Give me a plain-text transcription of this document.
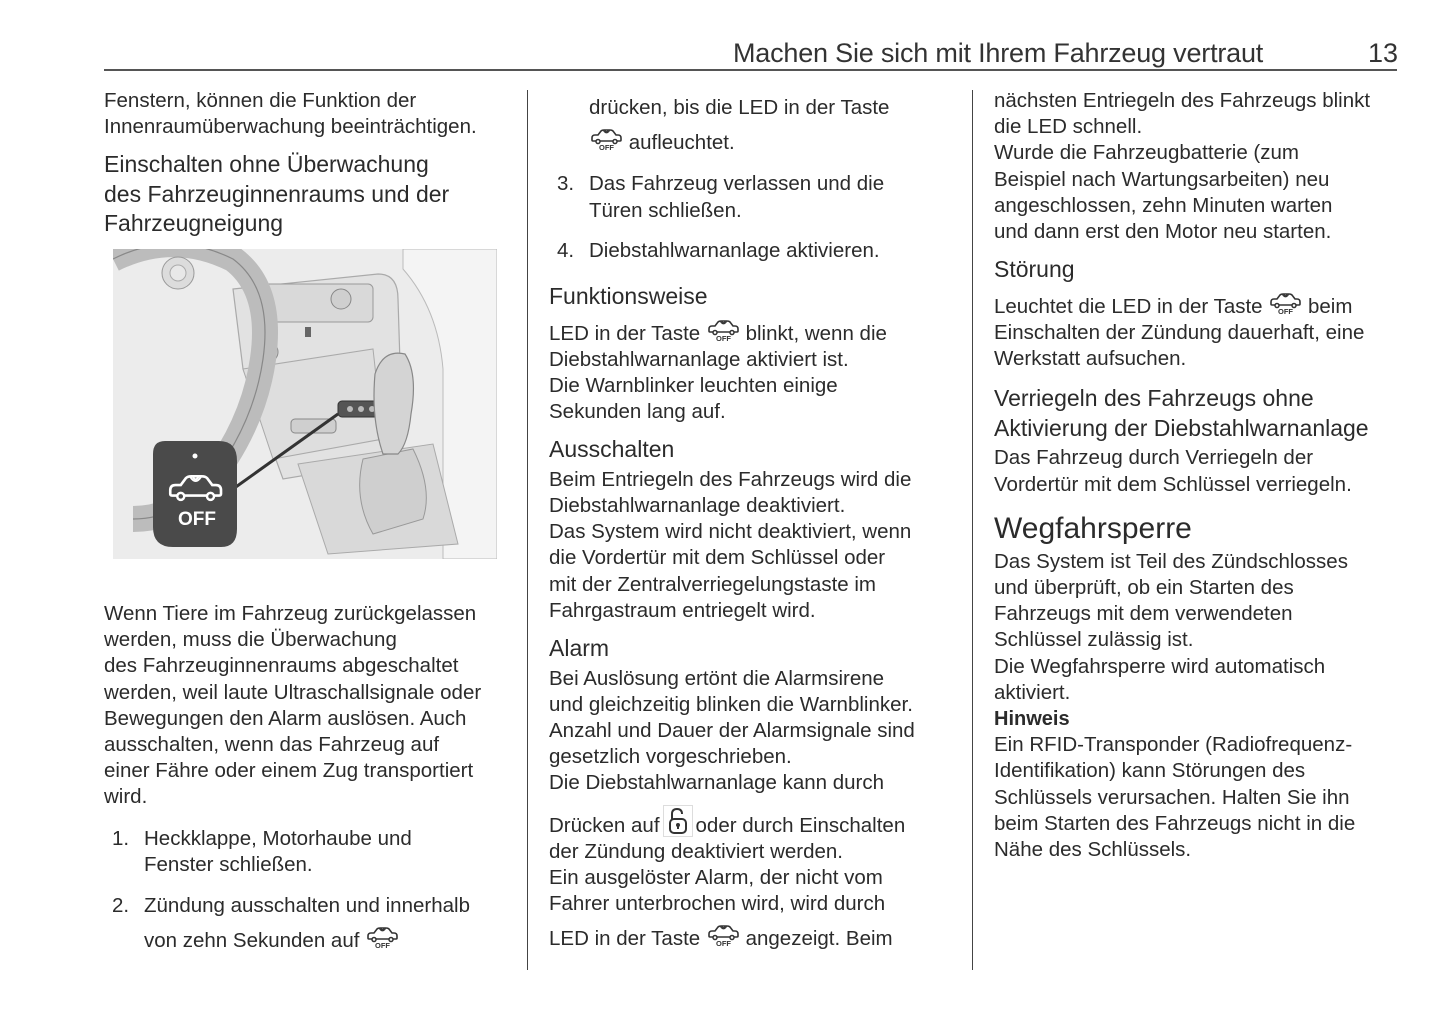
Machen Sie sich mit Ihrem Fahrzeug vertraut	13

Fenstern, können die Funktion der

Innenraumüberwachung beeinträchtigen.

Einschalten ohne Überwachung

des Fahrzeuginnenraums und der

Fahrzeugneigung

OFF

Wenn Tiere im Fahrzeug zurückgelassen

werden, muss die Überwachung

des Fahrzeuginnenraums abgeschaltet

werden, weil laute Ultraschallsignale oder

Bewegungen den Alarm auslösen. Auch

ausschalten, wenn das Fahrzeug auf

einer Fähre oder einem Zug transportiert

wird.

1. Heckklappe, Motorhaube und

Fenster schließen.

2. Zündung ausschalten und innerhalb

von zehn Sekunden auf

drücken, bis die LED in der Taste

aufleuchtet.

3. Das Fahrzeug verlassen und die

Türen schließen.

4. Diebstahlwarnanlage aktivieren.

Funktionsweise

LED in der Taste blinkt, wenn die

Diebstahlwarnanlage aktiviert ist.

Die Warnblinker leuchten einige

Sekunden lang auf.

Ausschalten

Beim Entriegeln des Fahrzeugs wird die

Diebstahlwarnanlage deaktiviert.

Das System wird nicht deaktiviert, wenn

die Vordertür mit dem Schlüssel oder

mit der Zentralverriegelungstaste im

Fahrgastraum entriegelt wird.

Alarm

Bei Auslösung ertönt die Alarmsirene

und gleichzeitig blinken die Warnblinker.

Anzahl und Dauer der Alarmsignale sind

gesetzlich vorgeschrieben.

Die Diebstahlwarnanlage kann durch

Drücken auf oder durch Einschalten

der Zündung deaktiviert werden.

Ein ausgelöster Alarm, der nicht vom

Fahrer unterbrochen wird, wird durch

LED in der Taste angezeigt. Beim

nächsten Entriegeln des Fahrzeugs blinkt

die LED schnell.

Wurde die Fahrzeugbatterie (zum

Beispiel nach Wartungsarbeiten) neu

angeschlossen, zehn Minuten warten

und dann erst den Motor neu starten.

Störung

Leuchtet die LED in der Taste beim

Einschalten der Zündung dauerhaft, eine

Werkstatt aufsuchen.

Verriegeln des Fahrzeugs ohne

Aktivierung der Diebstahlwarnanlage

Das Fahrzeug durch Verriegeln der

Vordertür mit dem Schlüssel verriegeln.

Wegfahrsperre

Das System ist Teil des Zündschlosses

und überprüft, ob ein Starten des

Fahrzeugs mit dem verwendeten

Schlüssel zulässig ist.

Die Wegfahrsperre wird automatisch

aktiviert.

Hinweis

Ein RFID-Transponder (Radiofrequenz-

Identifikation) kann Störungen des

Schlüssels verursachen. Halten Sie ihn

beim Starten des Fahrzeugs nicht in die

Nähe des Schlüssels.
